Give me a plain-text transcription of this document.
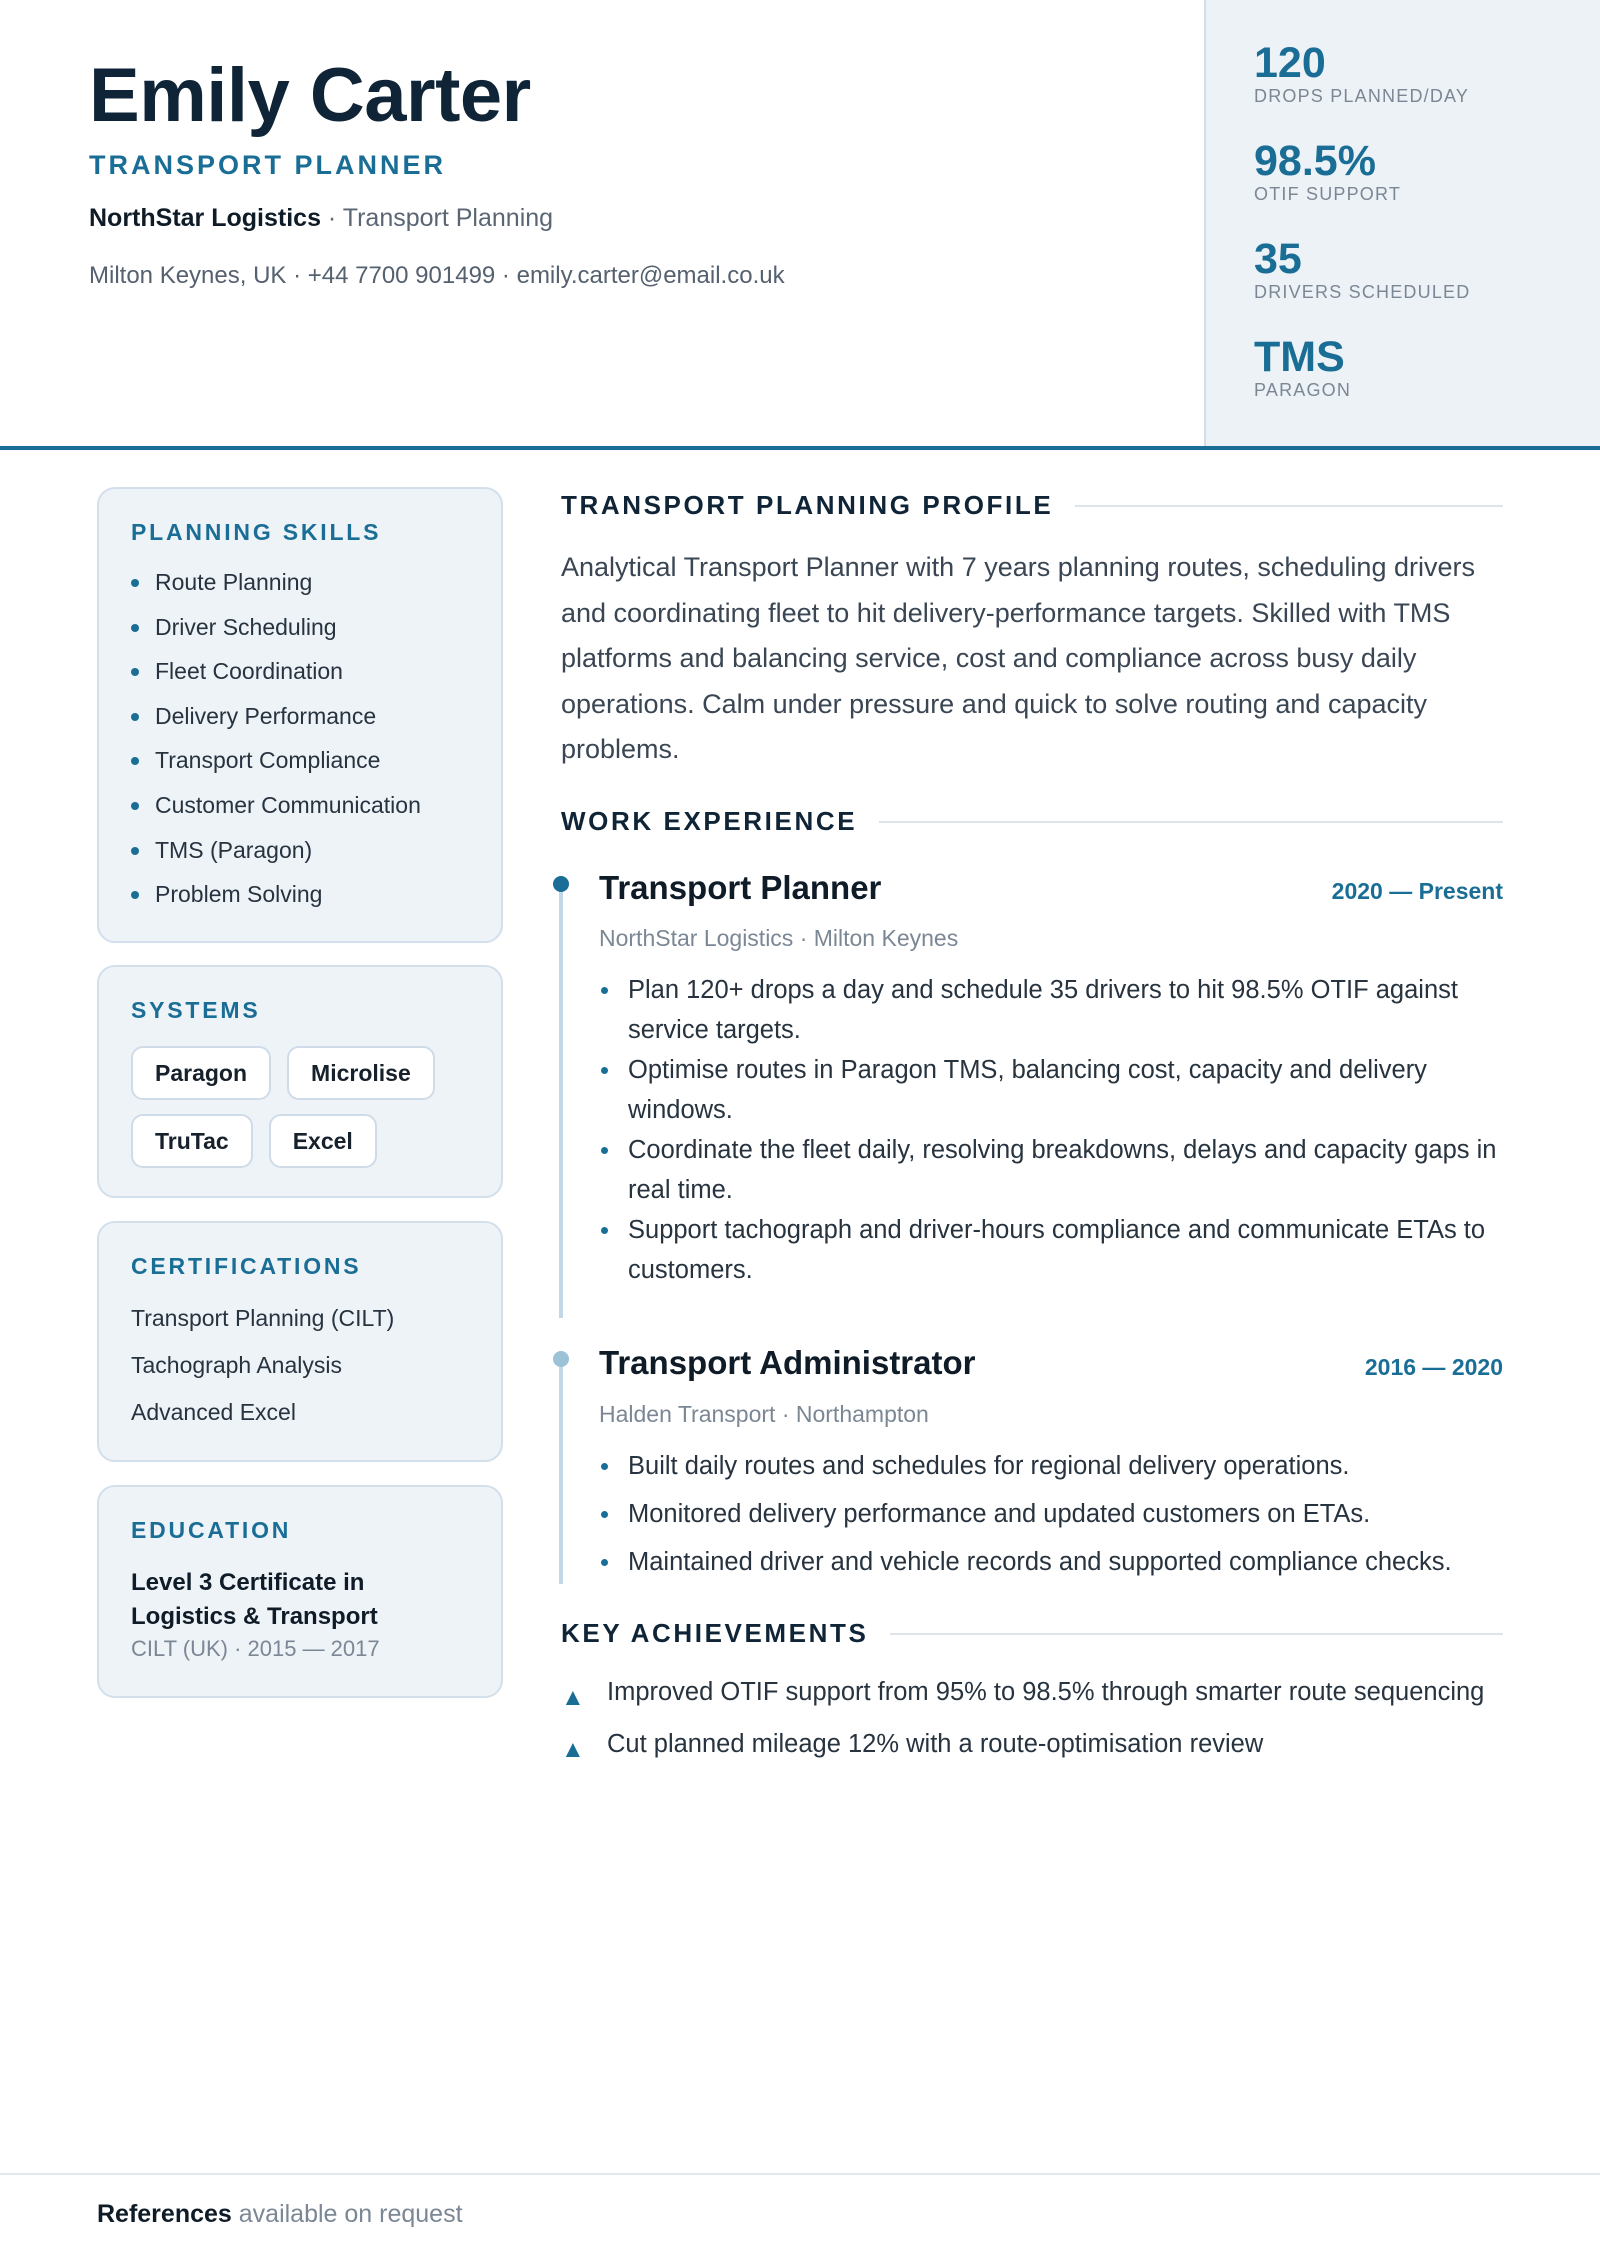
Emily Carter
TRANSPORT PLANNER
NorthStar Logistics · Transport Planning
Milton Keynes, UK · +44 7700 901499 · emily.carter@email.co.uk
120
DROPS PLANNED/DAY
98.5%
OTIF SUPPORT
35
DRIVERS SCHEDULED
TMS
PARAGON
PLANNING SKILLS
Route Planning
Driver Scheduling
Fleet Coordination
Delivery Performance
Transport Compliance
Customer Communication
TMS (Paragon)
Problem Solving
SYSTEMS
Paragon	Microlise
TruTac	Excel
CERTIFICATIONS
Transport Planning (CILT)
Tachograph Analysis
Advanced Excel
EDUCATION
Level 3 Certificate in Logistics & Transport
CILT (UK) · 2015 — 2017
TRANSPORT PLANNING PROFILE

Analytical Transport Planner with 7 years planning routes, scheduling drivers and coordinating fleet to hit delivery-performance targets. Skilled with TMS platforms and balancing service, cost and compliance across busy daily operations. Calm under pressure and quick to solve routing and capacity problems.

WORK EXPERIENCE
Transport Planner	2020 — Present
NorthStar Logistics · Milton Keynes
Plan 120+ drops a day and schedule 35 drivers to hit 98.5% OTIF against service targets.
Optimise routes in Paragon TMS, balancing cost, capacity and delivery windows.
Coordinate the fleet daily, resolving breakdowns, delays and capacity gaps in real time.
Support tachograph and driver-hours compliance and communicate ETAs to customers.
Transport Administrator	2016 — 2020
Halden Transport · Northampton
Built daily routes and schedules for regional delivery operations.
Monitored delivery performance and updated customers on ETAs.
Maintained driver and vehicle records and supported compliance checks.
KEY ACHIEVEMENTS
▲ Improved OTIF support from 95% to 98.5% through smarter route sequencing
▲ Cut planned mileage 12% with a route-optimisation review
References available on request
